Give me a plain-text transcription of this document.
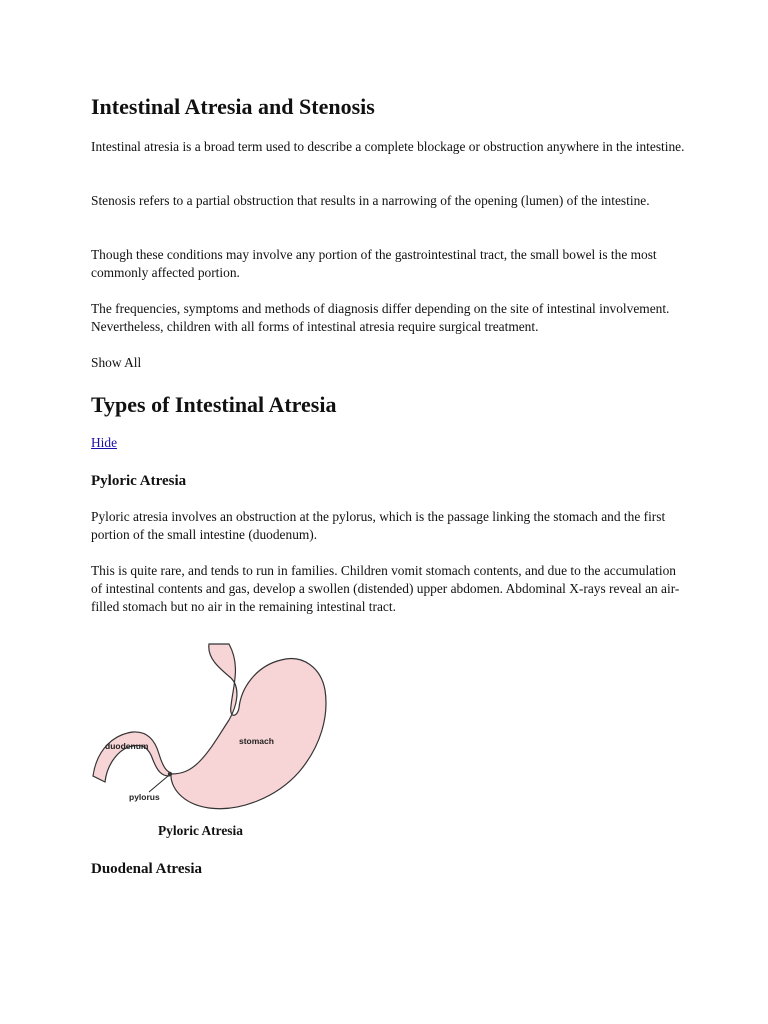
Intestinal Atresia and Stenosis

Intestinal atresia is a broad term used to describe a complete blockage or obstruction anywhere in the intestine.

Stenosis refers to a partial obstruction that results in a narrowing of the opening (lumen) of the intestine.

Though these conditions may involve any portion of the gastrointestinal tract, the small bowel is the most commonly affected portion.

The frequencies, symptoms and methods of diagnosis differ depending on the site of intestinal involvement. Nevertheless, children with all forms of intestinal atresia require surgical treatment.

Show All
Types of Intestinal Atresia
Hide
Pyloric Atresia

Pyloric atresia involves an obstruction at the pylorus, which is the passage linking the stomach and the first portion of the small intestine (duodenum).

This is quite rare, and tends to run in families. Children vomit stomach contents, and due to the accumulation of intestinal contents and gas, develop a swollen (distended) upper abdomen. Abdominal X-rays reveal an air-filled stomach but no air in the remaining intestinal tract.

stomach
duodenum
pylorus
Pyloric Atresia
Duodenal Atresia
